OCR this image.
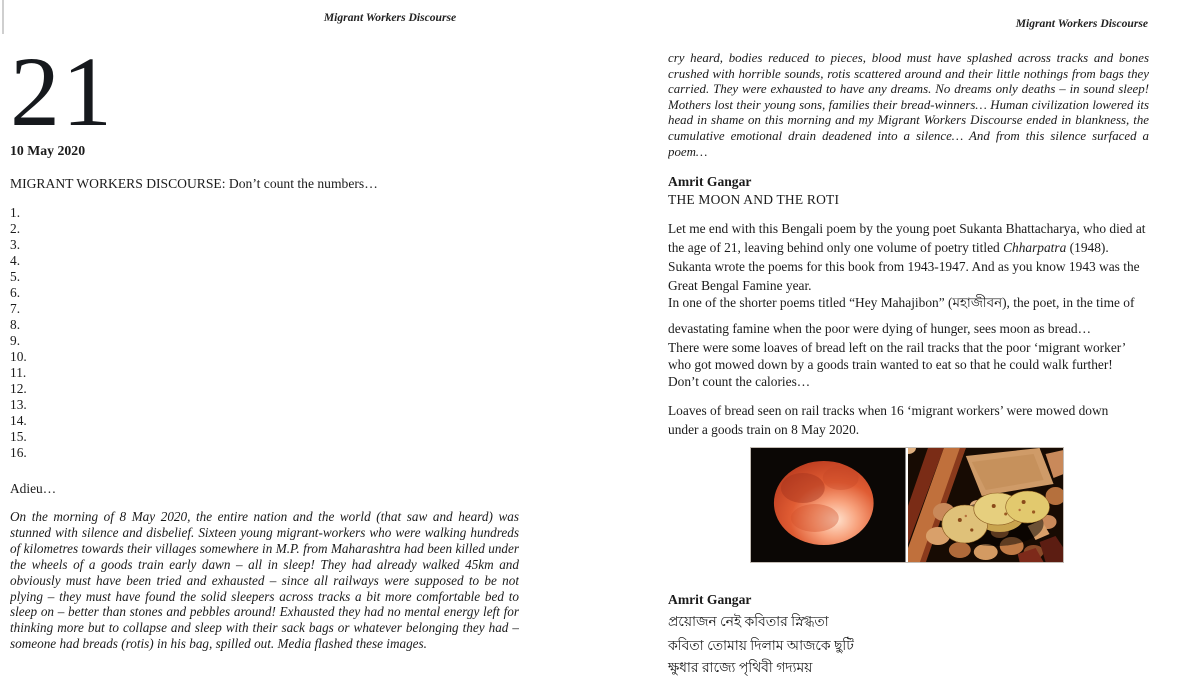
Migrant Workers Discourse	Migrant Workers Discourse
21
10 May 2020
MIGRANT WORKERS DISCOURSE: Don’t count the numbers…
1.
2.
3.
4.
5.
6.
7.
8.
9.
10.
11.
12.
13.
14.
15.
16.
Adieu…

On the morning of 8 May 2020, the entire nation and the world (that saw and heard) was stunned with silence and disbelief. Sixteen young migrant-workers who were walking hundreds of kilometres towards their villages somewhere in M.P. from Maharashtra had been killed under the wheels of a goods train early dawn – all in sleep! They had already walked 45km and obviously must have been tried and exhausted – since all railways were supposed to be not plying – they must have found the solid sleepers across tracks a bit more comfortable bed to sleep on – better than stones and pebbles around! Exhausted they had no mental energy left for thinking more but to collapse and sleep with their sack bags or whatever belonging they had – someone had breads (rotis) in his bag, spilled out. Media flashed these images.

cry heard, bodies reduced to pieces, blood must have splashed across tracks and bones crushed with horrible sounds, rotis scattered around and their little nothings from bags they carried. They were exhausted to have any dreams. No dreams only deaths – in sound sleep! Mothers lost their young sons, families their bread-winners… Human civilization lowered its head in shame on this morning and my Migrant Workers Discourse ended in blankness, the cumulative emotional drain deadened into a silence… And from this silence surfaced a poem…

Amrit Gangar
THE MOON AND THE ROTI

Let me end with this Bengali poem by the young poet Sukanta Bhattacharya, who died at the age of 21, leaving behind only one volume of poetry titled Chharpatra (1948). Sukanta wrote the poems for this book from 1943-1947. And as you know 1943 was the Great Bengal Famine year.

In one of the shorter poems titled “Hey Mahajibon” (মহাজীবন), the poet, in the time of devastating famine when the poor were dying of hunger, sees moon as bread…

There were some loaves of bread left on the rail tracks that the poor ‘migrant worker’ who got mowed down by a goods train wanted to eat so that he could walk further! Don’t count the calories…

Loaves of bread seen on rail tracks when 16 ‘migrant workers’ were mowed down under a goods train on 8 May 2020.

Amrit Gangar
প্রয়োজন নেই কবিতার স্নিগ্ধতা
কবিতা তোমায় দিলাম আজকে ছুটি
ক্ষুধার রাজ্যে পৃথিবী গদ্যময়
